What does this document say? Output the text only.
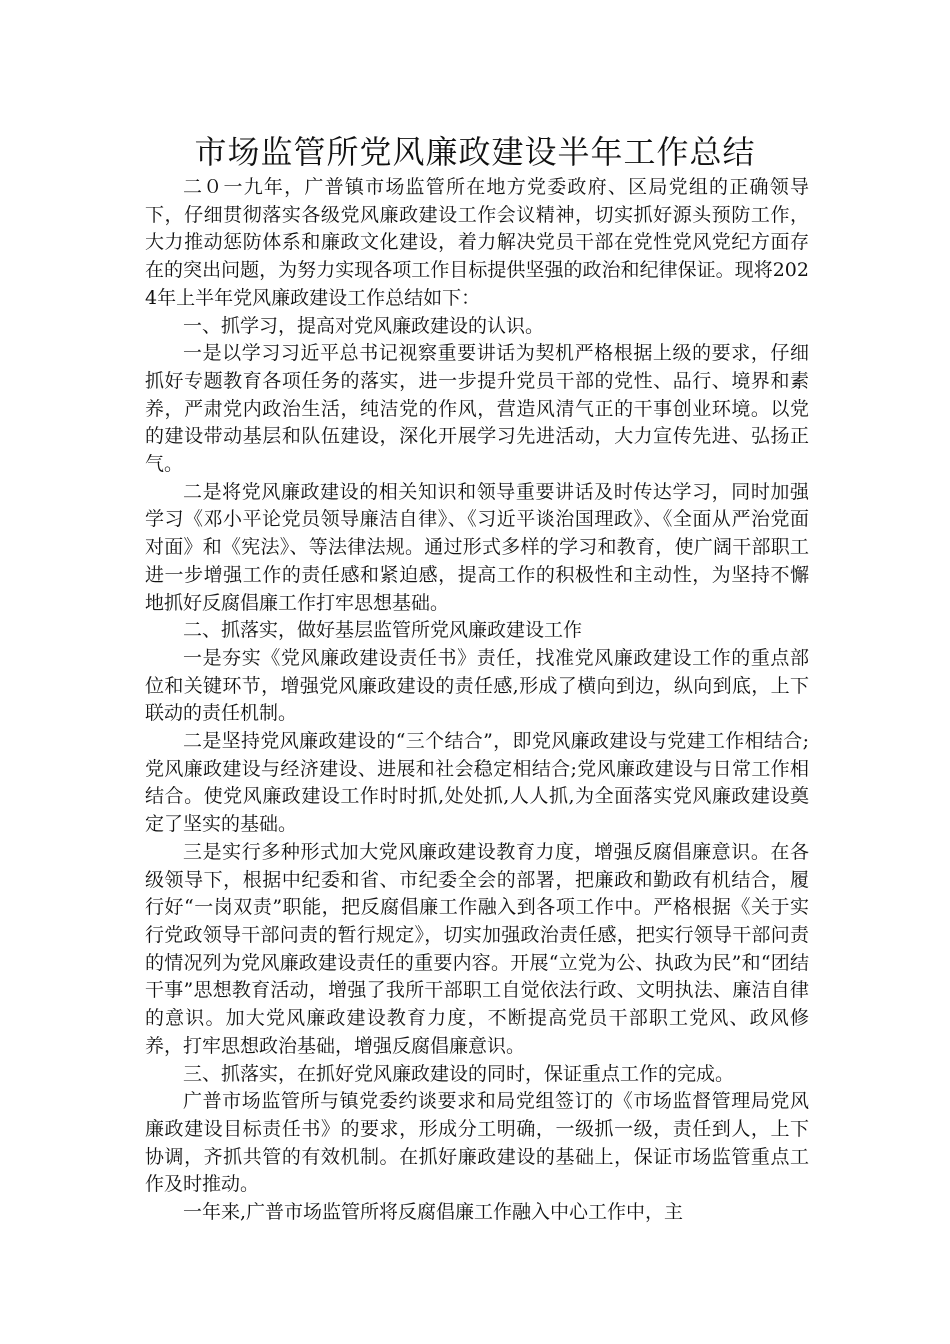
市场监管所党风廉政建设半年工作总结

二０一九年，广普镇市场监管所在地方党委政府、区局党组的正确领导下，仔细贯彻落实各级党风廉政建设工作会议精神，切实抓好源头预防工作，大力推动惩防体系和廉政文化建设，着力解决党员干部在党性党风党纪方面存在的突出问题，为努力实现各项工作目标提供坚强的政治和纪律保证。现将2024年上半年党风廉政建设工作总结如下：

一、抓学习，提高对党风廉政建设的认识。

一是以学习习近平总书记视察重要讲话为契机严格根据上级的要求，仔细抓好专题教育各项任务的落实，进一步提升党员干部的党性、品行、境界和素养，严肃党内政治生活，纯洁党的作风，营造风清气正的干事创业环境。以党的建设带动基层和队伍建设，深化开展学习先进活动，大力宣传先进、弘扬正气。

二是将党风廉政建设的相关知识和领导重要讲话及时传达学习，同时加强学习《邓小平论党员领导廉洁自律》、《习近平谈治国理政》、《全面从严治党面对面》和《宪法》、等法律法规。通过形式多样的学习和教育，使广阔干部职工进一步增强工作的责任感和紧迫感，提高工作的积极性和主动性，为坚持不懈地抓好反腐倡廉工作打牢思想基础。

二、抓落实，做好基层监管所党风廉政建设工作

一是夯实《党风廉政建设责任书》责任，找准党风廉政建设工作的重点部位和关键环节，增强党风廉政建设的责任感,形成了横向到边，纵向到底，上下联动的责任机制。

二是坚持党风廉政建设的“三个结合”，即党风廉政建设与党建工作相结合;党风廉政建设与经济建设、进展和社会稳定相结合;党风廉政建设与日常工作相结合。使党风廉政建设工作时时抓,处处抓,人人抓,为全面落实党风廉政建设奠定了坚实的基础。

三是实行多种形式加大党风廉政建设教育力度，增强反腐倡廉意识。在各级领导下，根据中纪委和省、市纪委全会的部署，把廉政和勤政有机结合，履行好“一岗双责”职能，把反腐倡廉工作融入到各项工作中。严格根据《关于实行党政领导干部问责的暂行规定》，切实加强政治责任感，把实行领导干部问责的情况列为党风廉政建设责任的重要内容。开展“立党为公、执政为民”和“团结干事”思想教育活动，增强了我所干部职工自觉依法行政、文明执法、廉洁自律的意识。加大党风廉政建设教育力度，不断提高党员干部职工党风、政风修养，打牢思想政治基础，增强反腐倡廉意识。

三、抓落实，在抓好党风廉政建设的同时，保证重点工作的完成。

广普市场监管所与镇党委约谈要求和局党组签订的《市场监督管理局党风廉政建设目标责任书》的要求，形成分工明确，一级抓一级，责任到人，上下协调，齐抓共管的有效机制。在抓好廉政建设的基础上，保证市场监管重点工作及时推动。

一年来,广普市场监管所将反腐倡廉工作融入中心工作中，主
